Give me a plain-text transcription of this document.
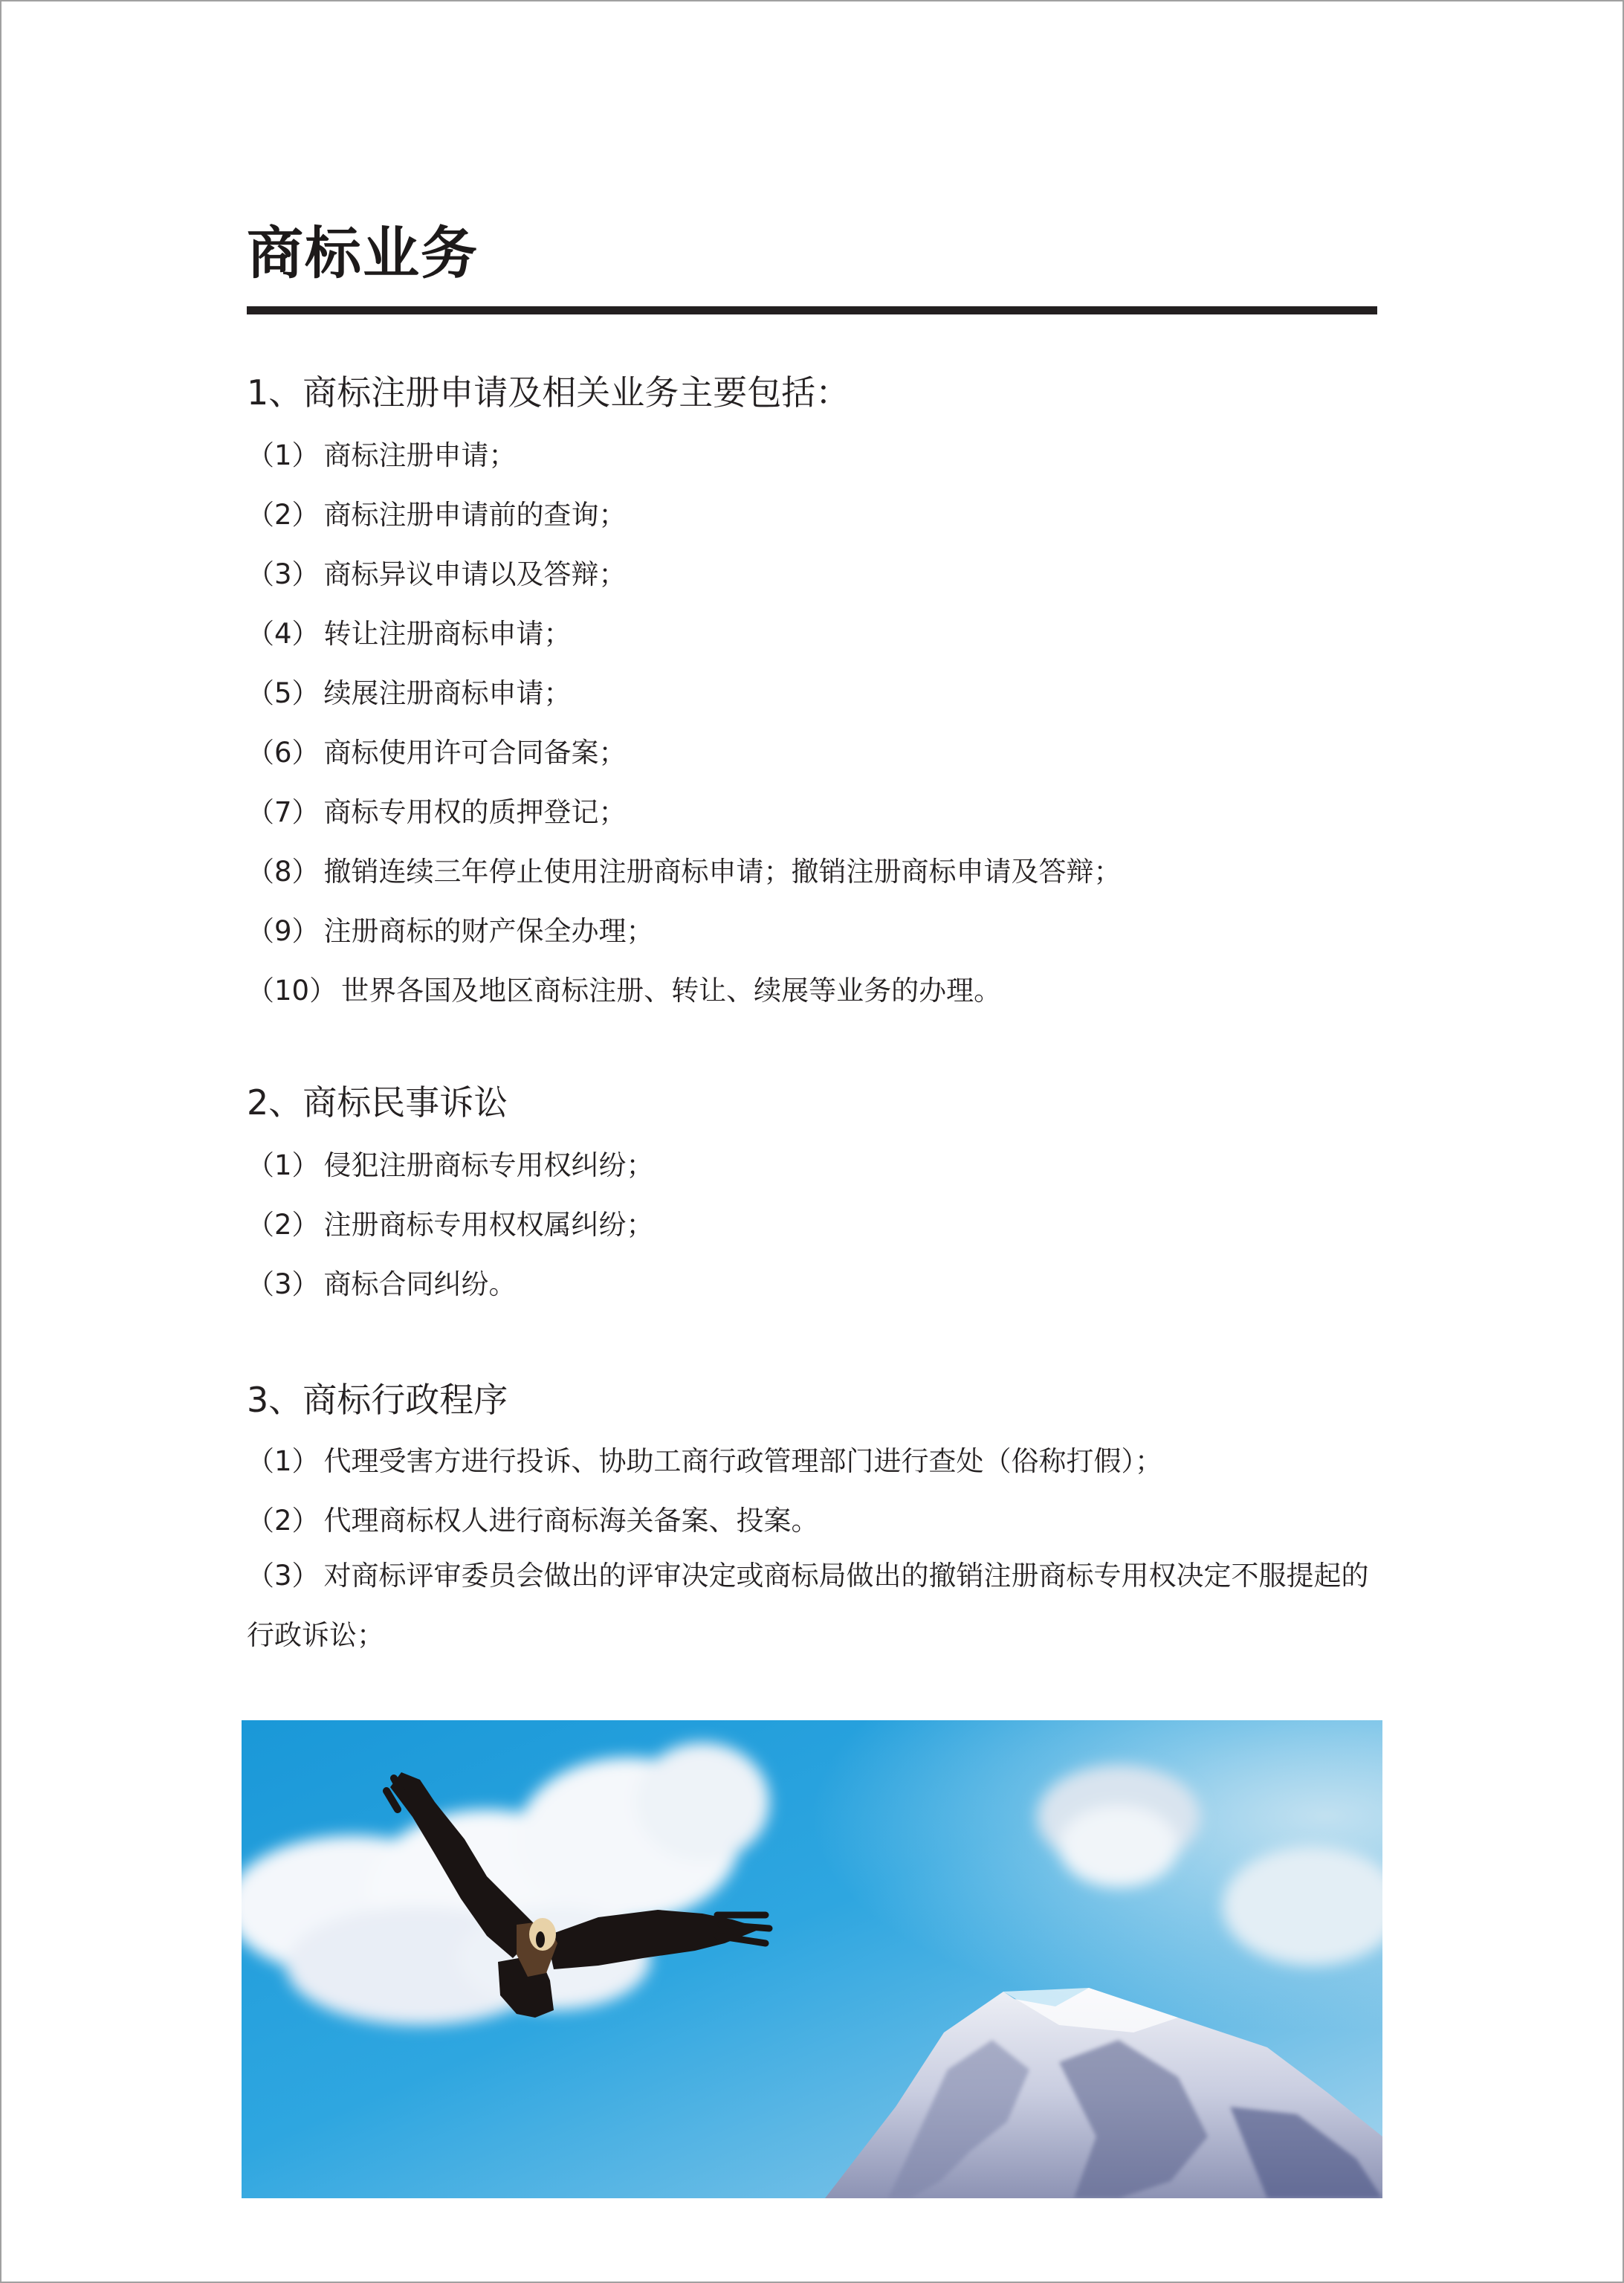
商标业务
1、商标注册申请及相关业务主要包括：
（1） 商标注册申请；
（2） 商标注册申请前的查询；
（3） 商标异议申请以及答辩；
（4） 转让注册商标申请；
（5） 续展注册商标申请；
（6） 商标使用许可合同备案；
（7） 商标专用权的质押登记；
（8） 撤销连续三年停止使用注册商标申请；撤销注册商标申请及答辩；
（9） 注册商标的财产保全办理；
（10） 世界各国及地区商标注册、转让、续展等业务的办理。
2、商标民事诉讼
（1） 侵犯注册商标专用权纠纷；
（2） 注册商标专用权权属纠纷；
（3） 商标合同纠纷。
3、商标行政程序
（1） 代理受害方进行投诉、协助工商行政管理部门进行查处（俗称打假）；
（2） 代理商标权人进行商标海关备案、投案。
（3） 对商标评审委员会做出的评审决定或商标局做出的撤销注册商标专用权决定不服提起的行政诉讼；
